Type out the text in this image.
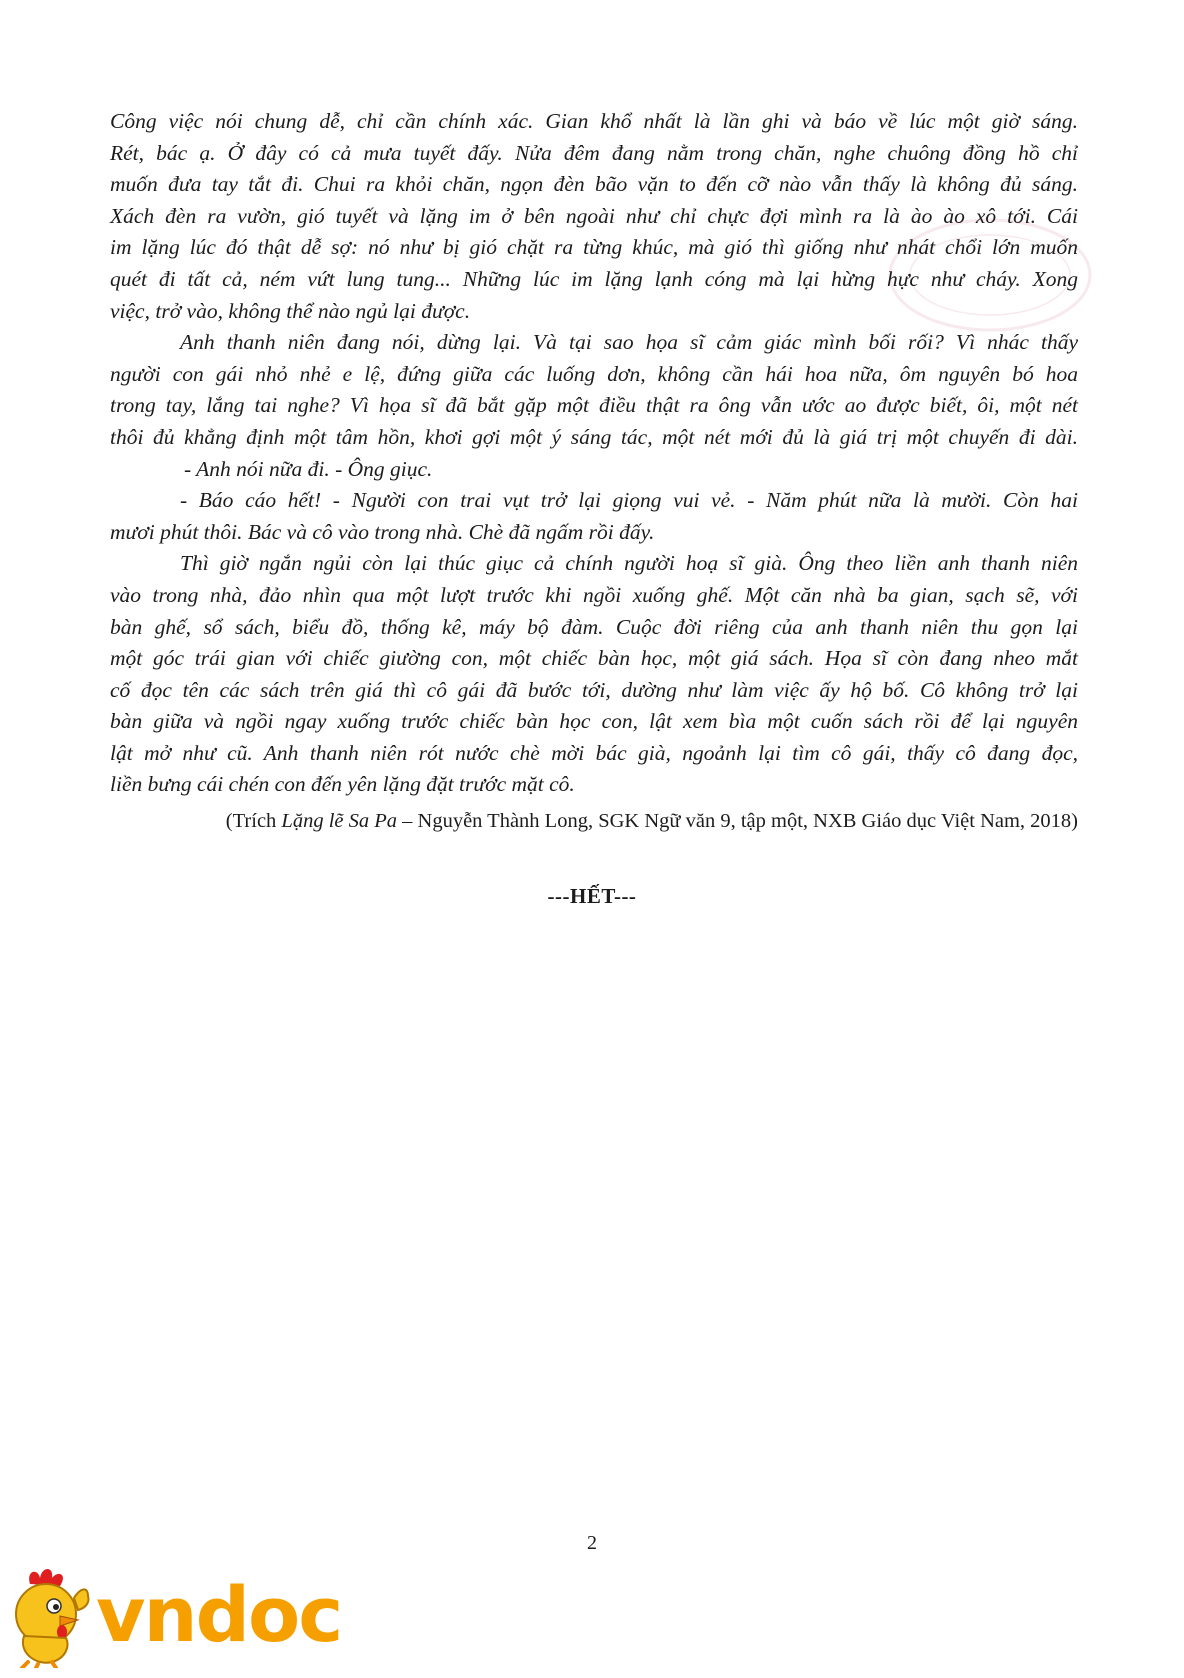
Công việc nói chung dễ, chỉ cần chính xác. Gian khổ nhất là lần ghi và báo về lúc một giờ sáng.
Rét, bác ạ. Ở đây có cả mưa tuyết đấy. Nửa đêm đang nằm trong chăn, nghe chuông đồng hồ chỉ
muốn đưa tay tắt đi. Chui ra khỏi chăn, ngọn đèn bão vặn to đến cỡ nào vẫn thấy là không đủ sáng.
Xách đèn ra vườn, gió tuyết và lặng im ở bên ngoài như chỉ chực đợi mình ra là ào ào xô tới. Cái
im lặng lúc đó thật dễ sợ: nó như bị gió chặt ra từng khúc, mà gió thì giống như nhát chổi lớn muốn
quét đi tất cả, ném vứt lung tung... Những lúc im lặng lạnh cóng mà lại hừng hực như cháy. Xong
việc, trở vào, không thể nào ngủ lại được.
Anh thanh niên đang nói, dừng lại. Và tại sao họa sĩ cảm giác mình bối rối? Vì nhác thấy
người con gái nhỏ nhẻ e lệ, đứng giữa các luống dơn, không cần hái hoa nữa, ôm nguyên bó hoa
trong tay, lắng tai nghe? Vì họa sĩ đã bắt gặp một điều thật ra ông vẫn ước ao được biết, ôi, một nét
thôi đủ khẳng định một tâm hồn, khơi gợi một ý sáng tác, một nét mới đủ là giá trị một chuyến đi dài.
- Anh nói nữa đi. - Ông giục.
- Báo cáo hết! - Người con trai vụt trở lại giọng vui vẻ. - Năm phút nữa là mười. Còn hai
mươi phút thôi. Bác và cô vào trong nhà. Chè đã ngấm rồi đấy.
Thì giờ ngắn ngủi còn lại thúc giục cả chính người hoạ sĩ già. Ông theo liền anh thanh niên
vào trong nhà, đảo nhìn qua một lượt trước khi ngồi xuống ghế. Một căn nhà ba gian, sạch sẽ, với
bàn ghế, sổ sách, biểu đồ, thống kê, máy bộ đàm. Cuộc đời riêng của anh thanh niên thu gọn lại
một góc trái gian với chiếc giường con, một chiếc bàn học, một giá sách. Họa sĩ còn đang nheo mắt
cố đọc tên các sách trên giá thì cô gái đã bước tới, dường như làm việc ấy hộ bố. Cô không trở lại
bàn giữa và ngồi ngay xuống trước chiếc bàn học con, lật xem bìa một cuốn sách rồi để lại nguyên
lật mở như cũ. Anh thanh niên rót nước chè mời bác già, ngoảnh lại tìm cô gái, thấy cô đang đọc,
liền bưng cái chén con đến yên lặng đặt trước mặt cô.
(Trích Lặng lẽ Sa Pa – Nguyễn Thành Long, SGK Ngữ văn 9, tập một, NXB Giáo dục Việt Nam, 2018)
---HẾT---
2
vndoc
